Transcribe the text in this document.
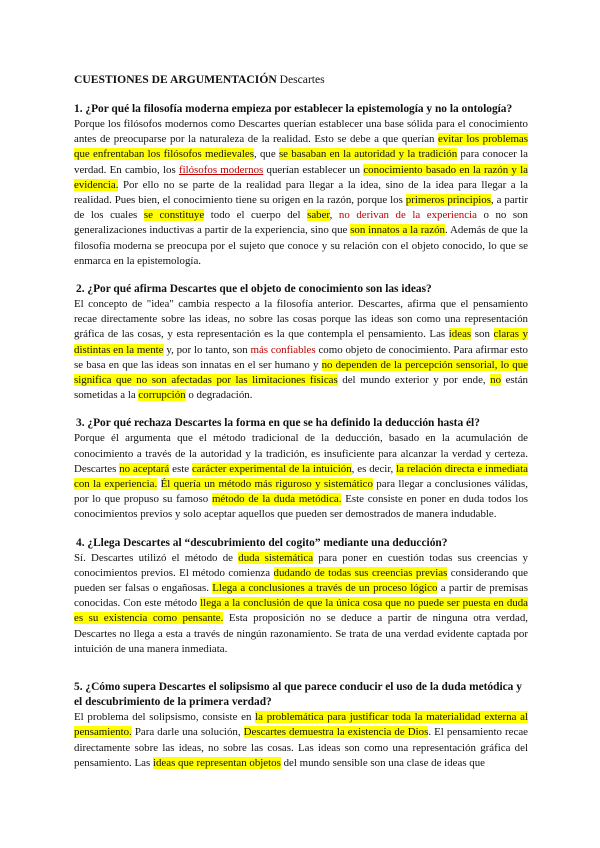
CUESTIONES DE ARGUMENTACIÓN Descartes

1. ¿Por qué la filosofía moderna empieza por establecer la epistemología y no la ontología?

Porque los filósofos modernos como Descartes querían establecer una base sólida para el conocimiento antes de preocuparse por la naturaleza de la realidad. Esto se debe a que querían evitar los problemas que enfrentaban los filósofos medievales, que se basaban en la autoridad y la tradición para conocer la verdad. En cambio, los filósofos modernos querían establecer un conocimiento basado en la razón y la evidencia. Por ello no se parte de la realidad para llegar a la idea, sino de la idea para llegar a la realidad. Pues bien, el conocimiento tiene su origen en la razón, porque los primeros principios, a partir de los cuales se constituye todo el cuerpo del saber, no derivan de la experiencia o no son generalizaciones inductivas a partir de la experiencia, sino que son innatos a la razón. Además de que la filosofía moderna se preocupa por el sujeto que conoce y su relación con el objeto conocido, lo que se enmarca en la epistemología.

2. ¿Por qué afirma Descartes que el objeto de conocimiento son las ideas?

El concepto de "idea" cambia respecto a la filosofía anterior. Descartes, afirma que el pensamiento recae directamente sobre las ideas, no sobre las cosas porque las ideas son como una representación gráfica de las cosas, y esta representación es la que contempla el pensamiento. Las ideas son claras y distintas en la mente y, por lo tanto, son más confiables como objeto de conocimiento. Para afirmar esto se basa en que las ideas son innatas en el ser humano y no dependen de la percepción sensorial, lo que significa que no son afectadas por las limitaciones físicas del mundo exterior y por ende, no están sometidas a la corrupción o degradación.

3. ¿Por qué rechaza Descartes la forma en que se ha definido la deducción hasta él?

Porque él argumenta que el método tradicional de la deducción, basado en la acumulación de conocimiento a través de la autoridad y la tradición, es insuficiente para alcanzar la verdad y certeza. Descartes no aceptará este carácter experimental de la intuición, es decir, la relación directa e inmediata con la experiencia. Él quería un método más riguroso y sistemático para llegar a conclusiones válidas, por lo que propuso su famoso método de la duda metódica. Este consiste en poner en duda todos los conocimientos previos y solo aceptar aquellos que pueden ser demostrados de manera indudable.

4. ¿Llega Descartes al “descubrimiento del cogito” mediante una deducción?

Sí. Descartes utilizó el método de duda sistemática para poner en cuestión todas sus creencias y conocimientos previos. El método comienza dudando de todas sus creencias previas considerando que pueden ser falsas o engañosas. Llega a conclusiones a través de un proceso lógico a partir de premisas conocidas. Con este método llega a la conclusión de que la única cosa que no puede ser puesta en duda es su existencia como pensante. Esta proposición no se deduce a partir de ninguna otra verdad, Descartes no llega a esta a través de ningún razonamiento. Se trata de una verdad evidente captada por intuición de una manera inmediata.

5. ¿Cómo supera Descartes el solipsismo al que parece conducir el uso de la duda metódica y el descubrimiento de la primera verdad?

El problema del solipsismo, consiste en la problemática para justificar toda la materialidad externa al pensamiento. Para darle una solución, Descartes demuestra la existencia de Dios. El pensamiento recae directamente sobre las ideas, no sobre las cosas. Las ideas son como una representación gráfica del pensamiento. Las ideas que representan objetos del mundo sensible son una clase de ideas que
